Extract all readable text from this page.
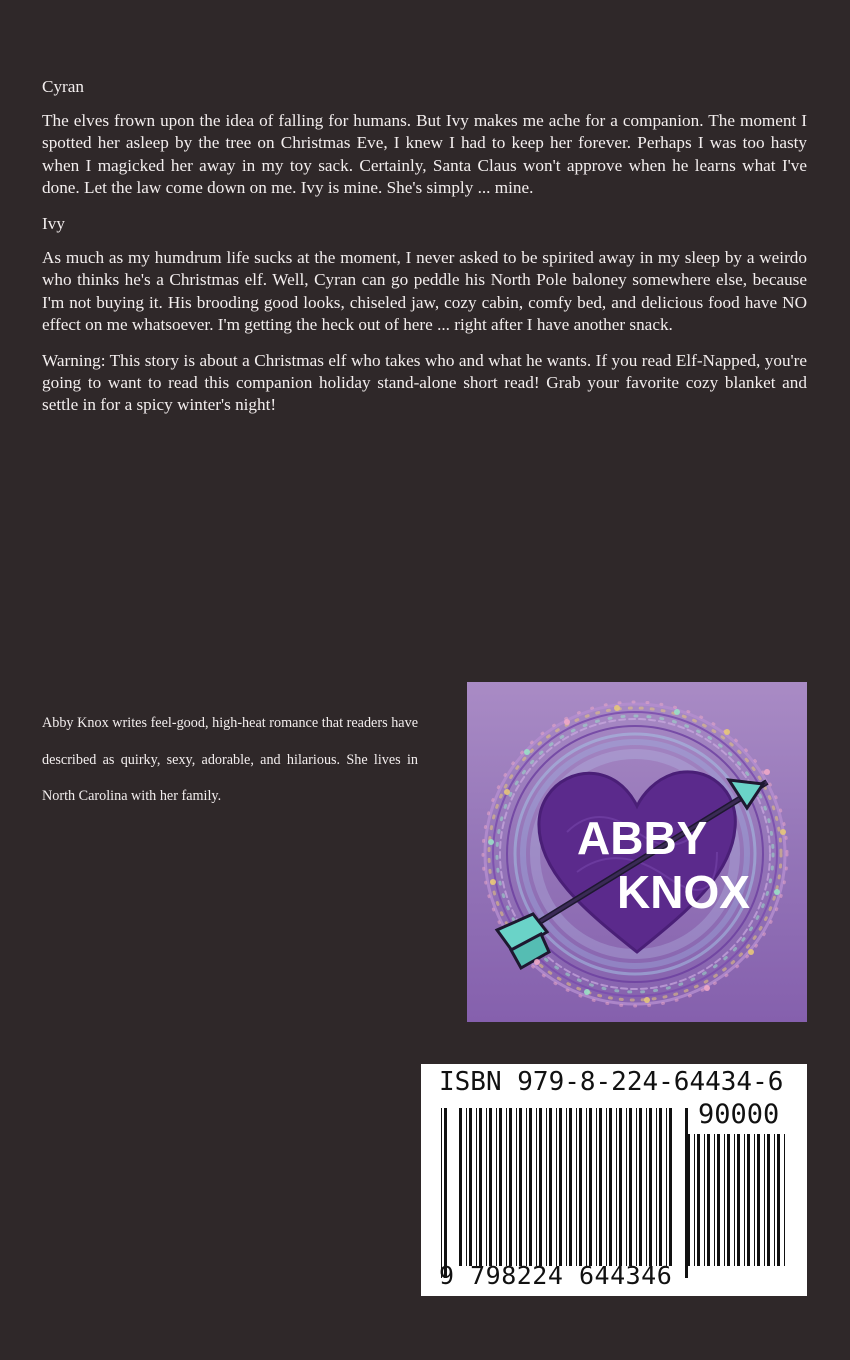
Cyran

The elves frown upon the idea of falling for humans. But Ivy makes me ache for a companion. The moment I spotted her asleep by the tree on Christmas Eve, I knew I had to keep her forever. Perhaps I was too hasty when I magicked her away in my toy sack. Certainly, Santa Claus won't approve when he learns what I've done. Let the law come down on me. Ivy is mine. She's simply ... mine.

Ivy

As much as my humdrum life sucks at the moment, I never asked to be spirited away in my sleep by a weirdo who thinks he's a Christmas elf. Well, Cyran can go peddle his North Pole baloney somewhere else, because I'm not buying it. His brooding good looks, chiseled jaw, cozy cabin, comfy bed, and delicious food have NO effect on me whatsoever. I'm getting the heck out of here ... right after I have another snack.

Warning: This story is about a Christmas elf who takes who and what he wants. If you read Elf-Napped, you're going to want to read this companion holiday stand-alone short read! Grab your favorite cozy blanket and settle in for a spicy winter's night!

Abby Knox writes feel-good, high-heat romance that readers have described as quirky, sexy, adorable, and hilarious. She lives in North Carolina with her family.

ABBY
KNOX
ISBN 979-8-224-64434-6
90000
9 798224 644346
